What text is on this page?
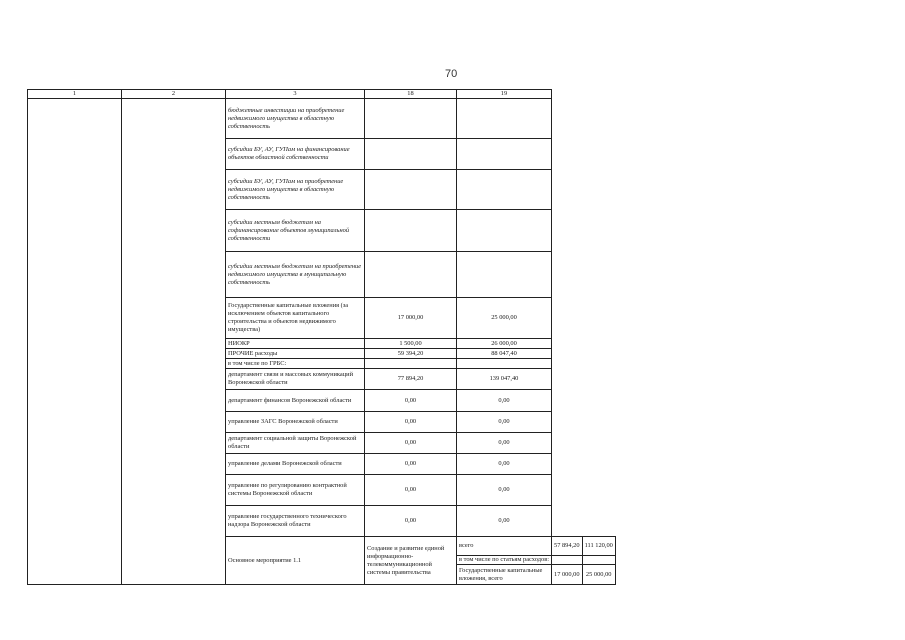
70
1	2	3	18	19		
		бюджетные инвестиции на приобретение недвижимого имущества в областную собственность				
		субсидии БУ, АУ, ГУПам на финансирование объектов областной собственности				
		субсидии БУ, АУ, ГУПам на приобретение недвижимого имущества в областную собственность				
		субсидии местным бюджетам на софинансирование объектов муниципальной собственности				
		субсидии местным бюджетам на приобретение недвижимого имущества в муниципальную собственность				
		Государственные капитальные вложения (за исключением объектов капитального строительства и объектов недвижимого имущества)	17 000,00	25 000,00		
		НИОКР	1 500,00	26 000,00		
		ПРОЧИЕ расходы	59 394,20	88 047,40		
		в том числе по ГРБС:				
		департамент связи и массовых коммуникаций Воронежской области	77 894,20	139 047,40		
		департамент финансов Воронежской области	0,00	0,00		
		управление ЗАГС Воронежской области	0,00	0,00		
		департамент социальной защиты Воронежской области	0,00	0,00		
		управление делами Воронежской области	0,00	0,00		
		управление по регулированию контрактной системы Воронежской области	0,00	0,00		
		управление государственного технического надзора Воронежской области	0,00	0,00		
		Основное мероприятие 1.1	Создание и развитие единой информационно-телекоммуникационной системы правительства	всего	57 894,20	111 120,00
				в том числе по статьям расходов:		
				Государственные капитальные вложения, всего	17 000,00	25 000,00
